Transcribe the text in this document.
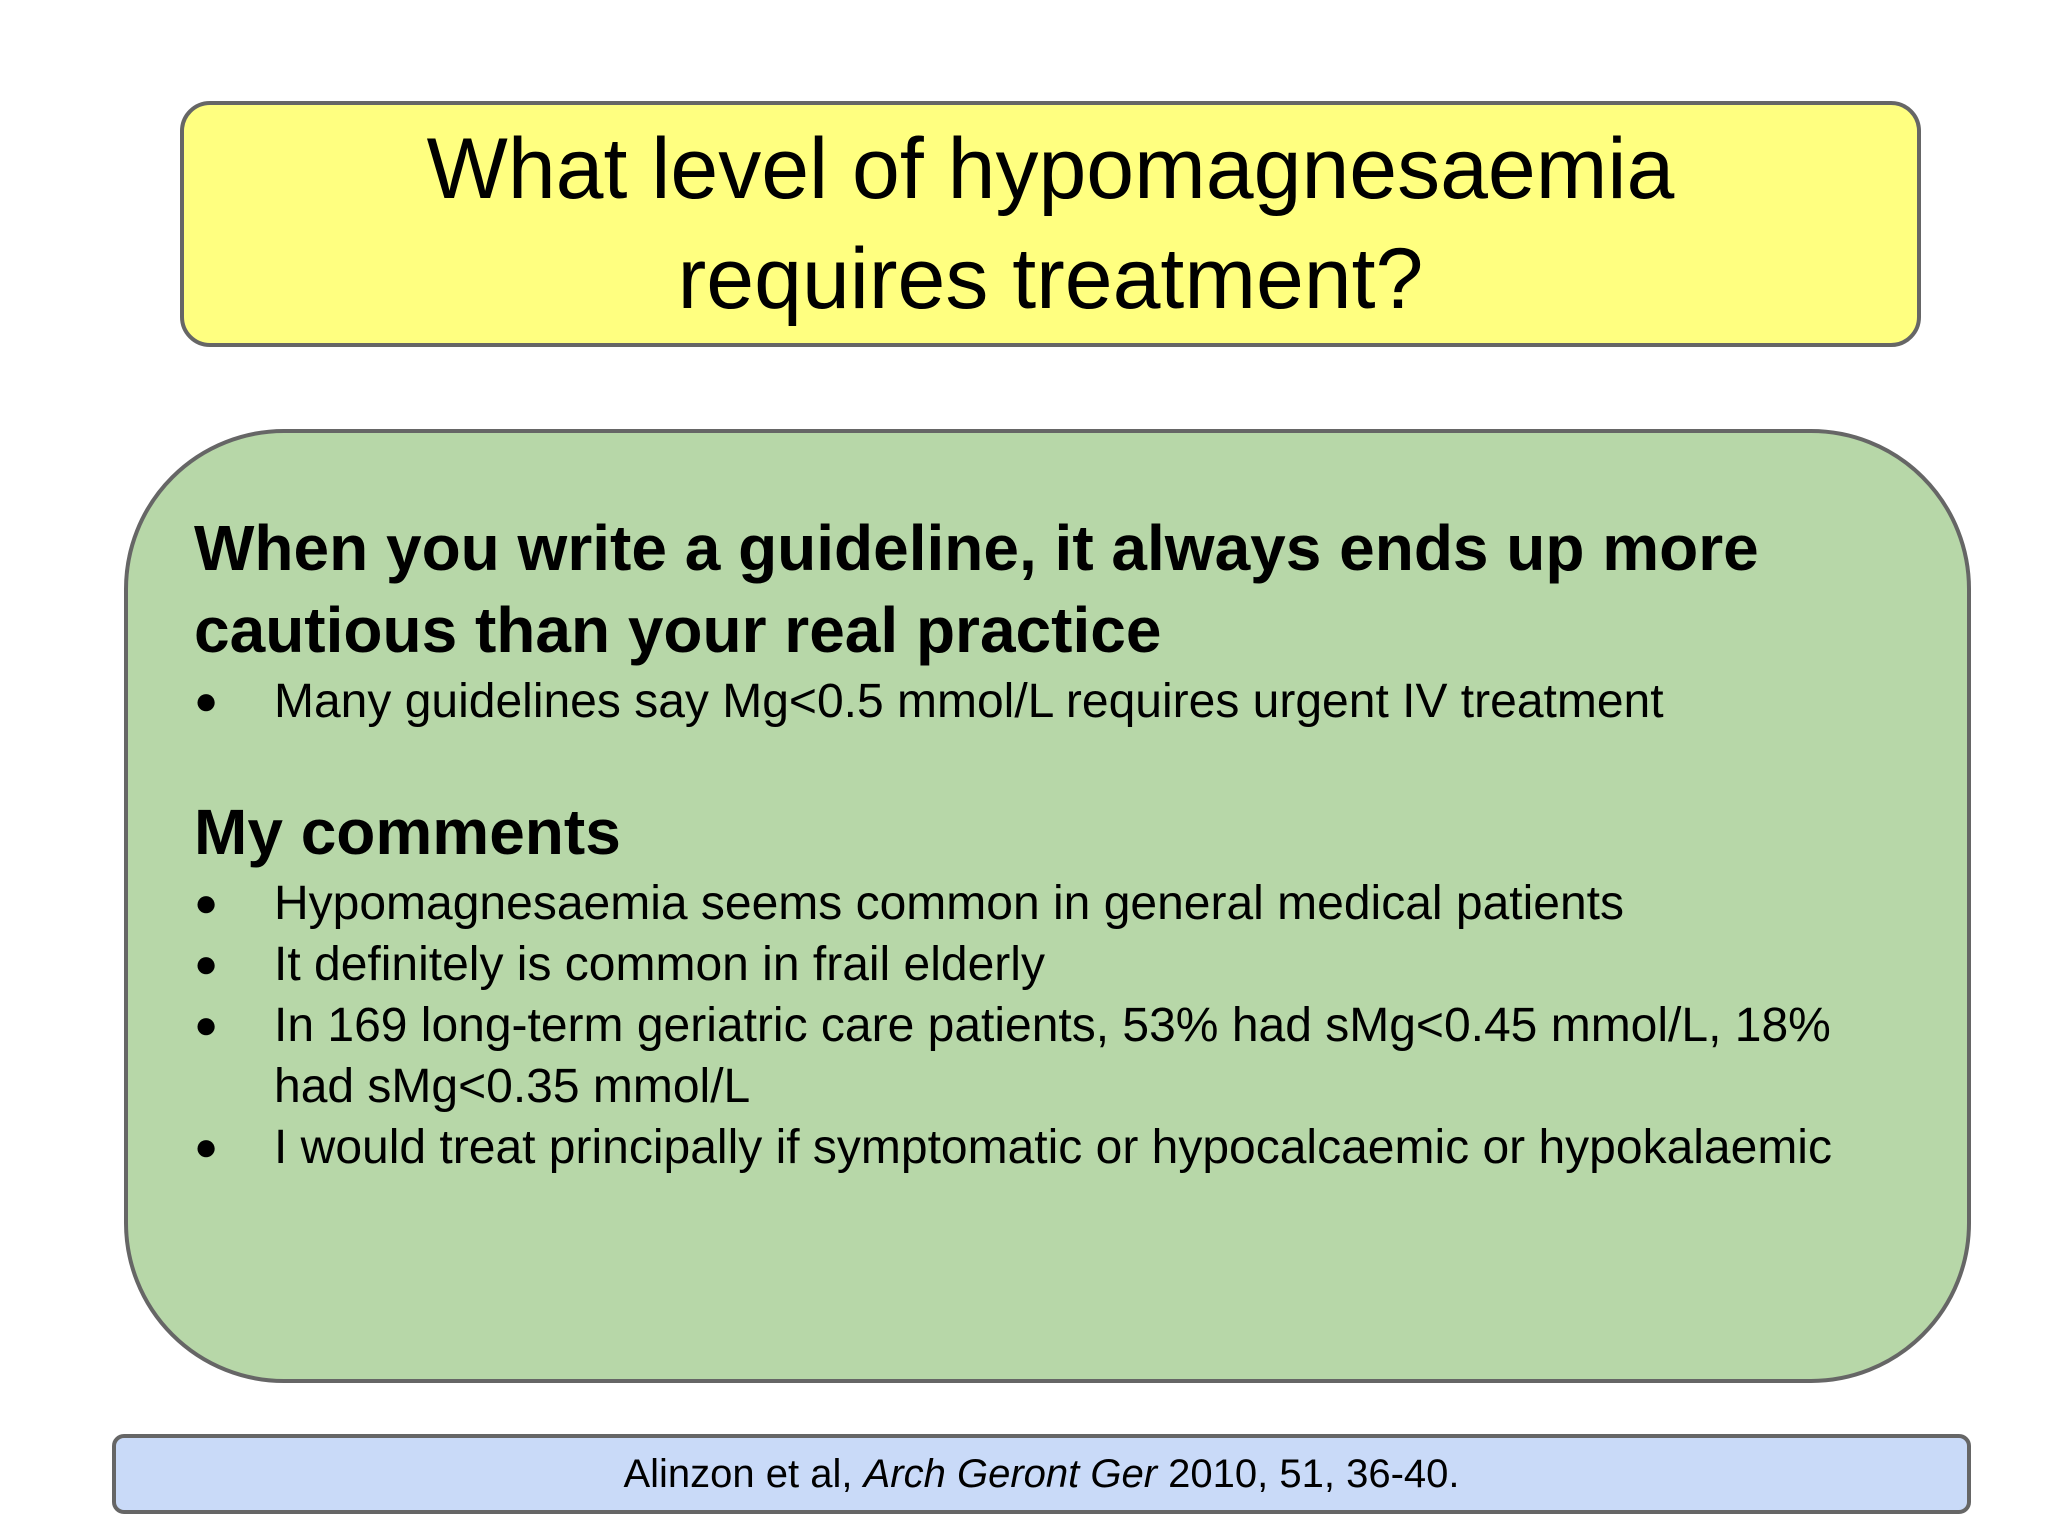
What level of hypomagnesaemia requires treatment?
When you write a guideline, it always ends up more cautious than your real practice
●	Many guidelines say Mg<0.5 mmol/L requires urgent IV treatment
My comments
●	Hypomagnesaemia seems common in general medical patients
●	It definitely is common in frail elderly
●	In 169 long-term geriatric care patients, 53% had sMg<0.45 mmol/L, 18% had sMg<0.35 mmol/L
●	I would treat principally if symptomatic or hypocalcaemic or hypokalaemic
Alinzon et al, Arch Geront Ger 2010, 51, 36-40.
